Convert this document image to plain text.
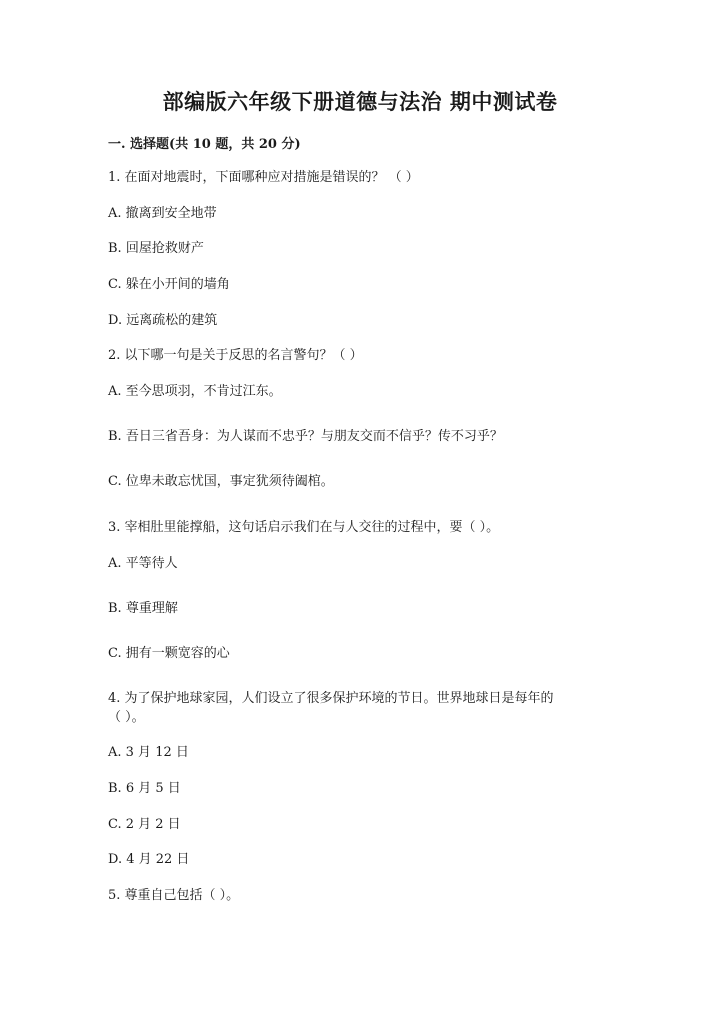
部编版六年级下册道德与法治 期中测试卷
一. 选择题(共 10 题，共 20 分)
1. 在面对地震时，下面哪种应对措施是错误的？ （ ）
A. 撤离到安全地带
B. 回屋抢救财产
C. 躲在小开间的墙角
D. 远离疏松的建筑
2. 以下哪一句是关于反思的名言警句？（ ）
A. 至今思项羽，不肯过江东。
B. 吾日三省吾身：为人谋而不忠乎？与朋友交而不信乎？传不习乎？
C. 位卑未敢忘忧国，事定犹须待阖棺。
3. 宰相肚里能撑船，这句话启示我们在与人交往的过程中，要（ ）。
A. 平等待人
B. 尊重理解
C. 拥有一颗宽容的心
4. 为了保护地球家园，人们设立了很多保护环境的节日。世界地球日是每年的
（ ）。
A. 3 月 12 日
B. 6 月 5 日
C. 2 月 2 日
D. 4 月 22 日
5. 尊重自己包括（ ）。
